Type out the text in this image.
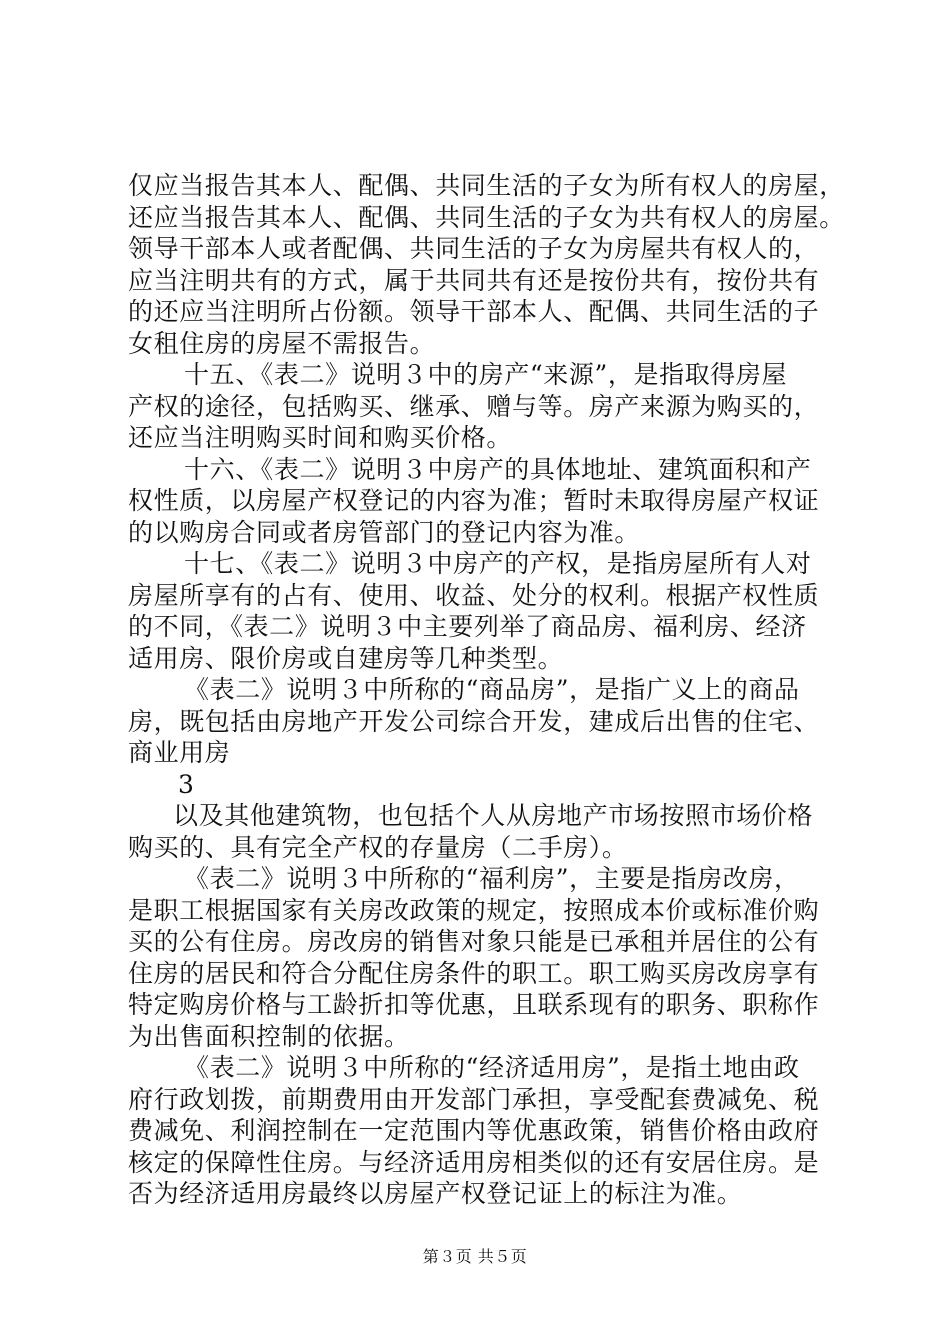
仅应当报告其本人、配偶、共同生活的子女为所有权人的房屋，
还应当报告其本人、配偶、共同生活的子女为共有权人的房屋。
领导干部本人或者配偶、共同生活的子女为房屋共有权人的，
应当注明共有的方式，属于共同共有还是按份共有，按份共有
的还应当注明所占份额。领导干部本人、配偶、共同生活的子
女租住房的房屋不需报告。

十五、《表二》说明３中的房产“来源”，是指取得房屋
产权的途径，包括购买、继承、赠与等。房产来源为购买的，
还应当注明购买时间和购买价格。

十六、《表二》说明３中房产的具体地址、建筑面积和产
权性质，以房屋产权登记的内容为准；暂时未取得房屋产权证
的以购房合同或者房管部门的登记内容为准。

十七、《表二》说明３中房产的产权，是指房屋所有人对
房屋所享有的占有、使用、收益、处分的权利。根据产权性质
的不同，《表二》说明３中主要列举了商品房、福利房、经济
适用房、限价房或自建房等几种类型。

《表二》说明３中所称的“商品房”，是指广义上的商品
房，既包括由房地产开发公司综合开发，建成后出售的住宅、
商业用房

3

以及其他建筑物，也包括个人从房地产市场按照市场价格
购买的、具有完全产权的存量房（二手房）。

《表二》说明３中所称的“福利房”，主要是指房改房，
是职工根据国家有关房改政策的规定，按照成本价或标准价购
买的公有住房。房改房的销售对象只能是已承租并居住的公有
住房的居民和符合分配住房条件的职工。职工购买房改房享有
特定购房价格与工龄折扣等优惠，且联系现有的职务、职称作
为出售面积控制的依据。

《表二》说明３中所称的“经济适用房”，是指土地由政
府行政划拨，前期费用由开发部门承担，享受配套费减免、税
费减免、利润控制在一定范围内等优惠政策，销售价格由政府
核定的保障性住房。与经济适用房相类似的还有安居住房。是
否为经济适用房最终以房屋产权登记证上的标注为准。

第３页 共５页
